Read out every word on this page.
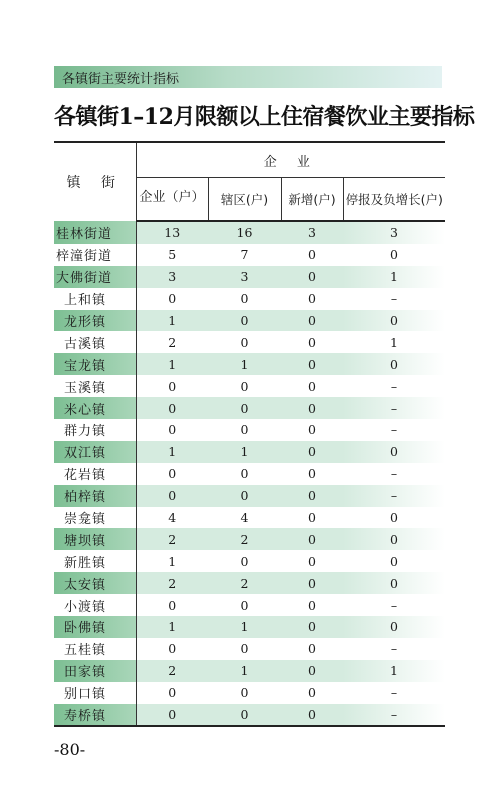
各镇街主要统计指标
各镇街1–12月限额以上住宿餐饮业主要指标
镇 街	企 业			
	企业（户）	辖区(户)	新增(户)	停报及负增长(户)
桂林街道	13	16	3	3
梓潼街道	5	7	0	0
大佛街道	3	3	0	1
上和镇	0	0	0	–
龙形镇	1	0	0	0
古溪镇	2	0	0	1
宝龙镇	1	1	0	0
玉溪镇	0	0	0	–
米心镇	0	0	0	–
群力镇	0	0	0	–
双江镇	1	1	0	0
花岩镇	0	0	0	–
柏梓镇	0	0	0	–
崇龛镇	4	4	0	0
塘坝镇	2	2	0	0
新胜镇	1	0	0	0
太安镇	2	2	0	0
小渡镇	0	0	0	–
卧佛镇	1	1	0	0
五桂镇	0	0	0	–
田家镇	2	1	0	1
别口镇	0	0	0	–
寿桥镇	0	0	0	–
-80-
